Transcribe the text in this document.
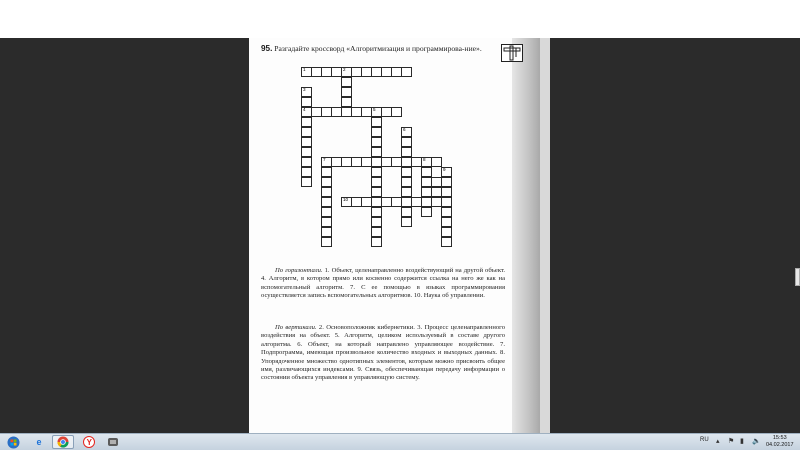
95. Разгадайте кроссворд «Алгоритмизация и программирова-ние».

1	2
3
4	5
6
7	8
9
10

По горизонтали. 1. Объект, целенаправленно воздействующий на другой объект. 4. Алгоритм, в котором прямо или косвенно содержится ссылка на него же как на вспомогательный алгоритм. 7. С ее помощью в языках программирования осуществляется запись вспомогательных алгоритмов. 10. Наука об управлении.

По вертикали. 2. Основоположник кибернетики. 3. Процесс целенаправленного воздействия на объект. 5. Алгоритм, целиком используемый в составе другого алгоритма. 6. Объект, на который направлено управляющее воздействие. 7. Подпрограмма, имеющая произвольное количество входных и выходных данных. 8. Упорядоченное множество однотипных элементов, которым можно присвоить общее имя, различающихся индексами. 9. Связь, обеспечивающая передачу информации о состоянии объекта управления в управляющую систему.

e	Y	RU ▴ ⚑ ▮ 🔈	15:53
04.02.2017
